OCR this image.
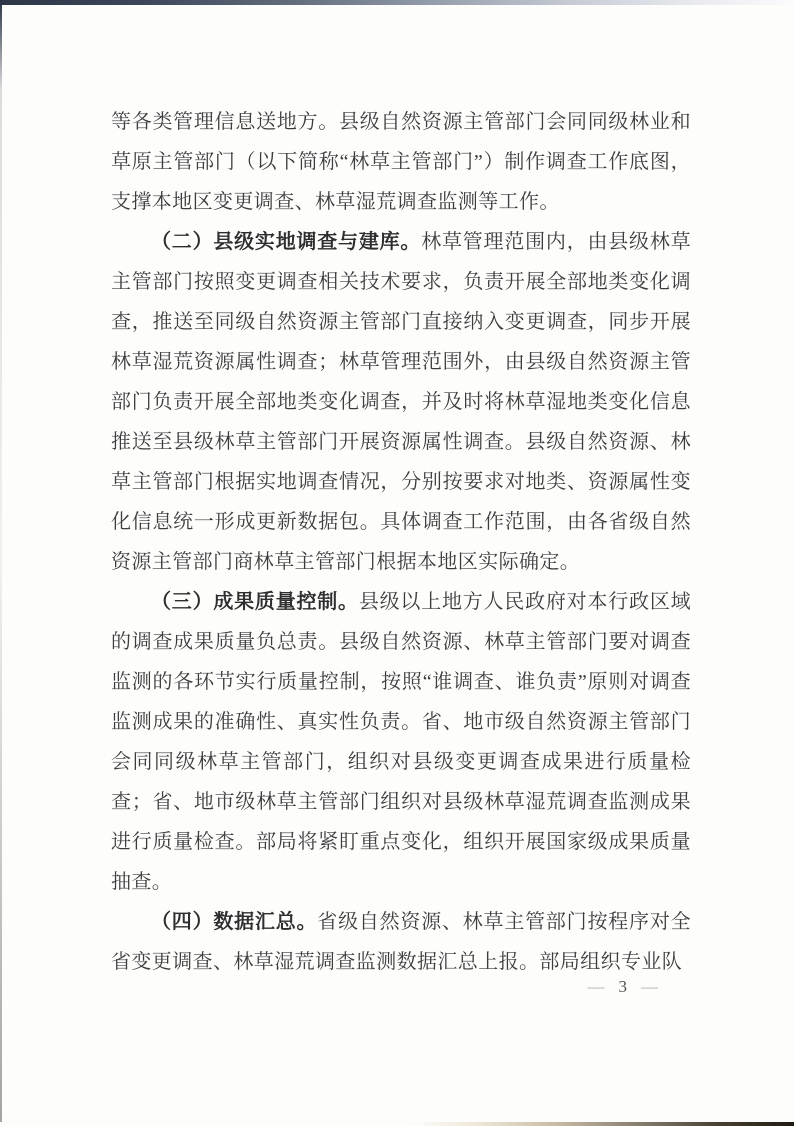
等各类管理信息送地方。县级自然资源主管部门会同同级林业和草原主管部门（以下简称“林草主管部门”）制作调查工作底图，支撑本地区变更调查、林草湿荒调查监测等工作。

（二）县级实地调查与建库。林草管理范围内，由县级林草主管部门按照变更调查相关技术要求，负责开展全部地类变化调查，推送至同级自然资源主管部门直接纳入变更调查，同步开展林草湿荒资源属性调查；林草管理范围外，由县级自然资源主管部门负责开展全部地类变化调查，并及时将林草湿地类变化信息推送至县级林草主管部门开展资源属性调查。县级自然资源、林草主管部门根据实地调查情况，分别按要求对地类、资源属性变化信息统一形成更新数据包。具体调查工作范围，由各省级自然资源主管部门商林草主管部门根据本地区实际确定。

（三）成果质量控制。县级以上地方人民政府对本行政区域的调查成果质量负总责。县级自然资源、林草主管部门要对调查监测的各环节实行质量控制，按照“谁调查、谁负责”原则对调查监测成果的准确性、真实性负责。省、地市级自然资源主管部门会同同级林草主管部门，组织对县级变更调查成果进行质量检查；省、地市级林草主管部门组织对县级林草湿荒调查监测成果进行质量检查。部局将紧盯重点变化，组织开展国家级成果质量抽查。

（四）数据汇总。省级自然资源、林草主管部门按程序对全省变更调查、林草湿荒调查监测数据汇总上报。部局组织专业队

— 3 —
